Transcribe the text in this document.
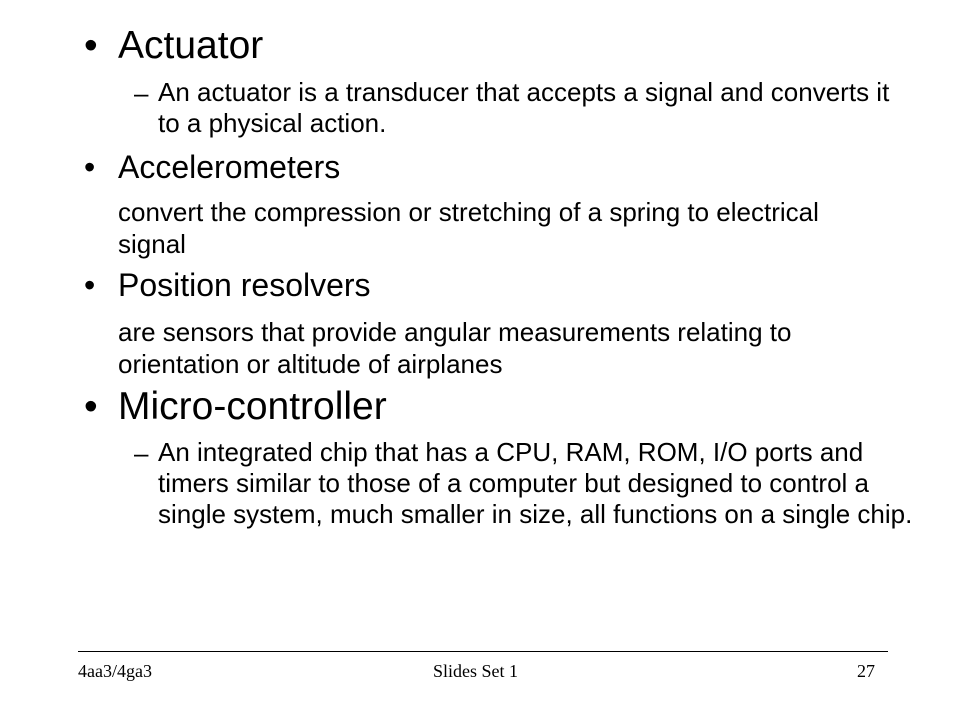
• Actuator
– An actuator is a transducer that accepts a signal and converts it to a physical action.
• Accelerometers
convert the compression or stretching of a spring to electrical signal
• Position resolvers
are sensors that provide angular measurements relating to orientation or altitude of airplanes
• Micro-controller
– An integrated chip that has a CPU, RAM, ROM, I/O ports and timers similar to those of a computer but designed to control a single system, much smaller in size, all functions on a single chip.
4aa3/4ga3	Slides Set 1	27
